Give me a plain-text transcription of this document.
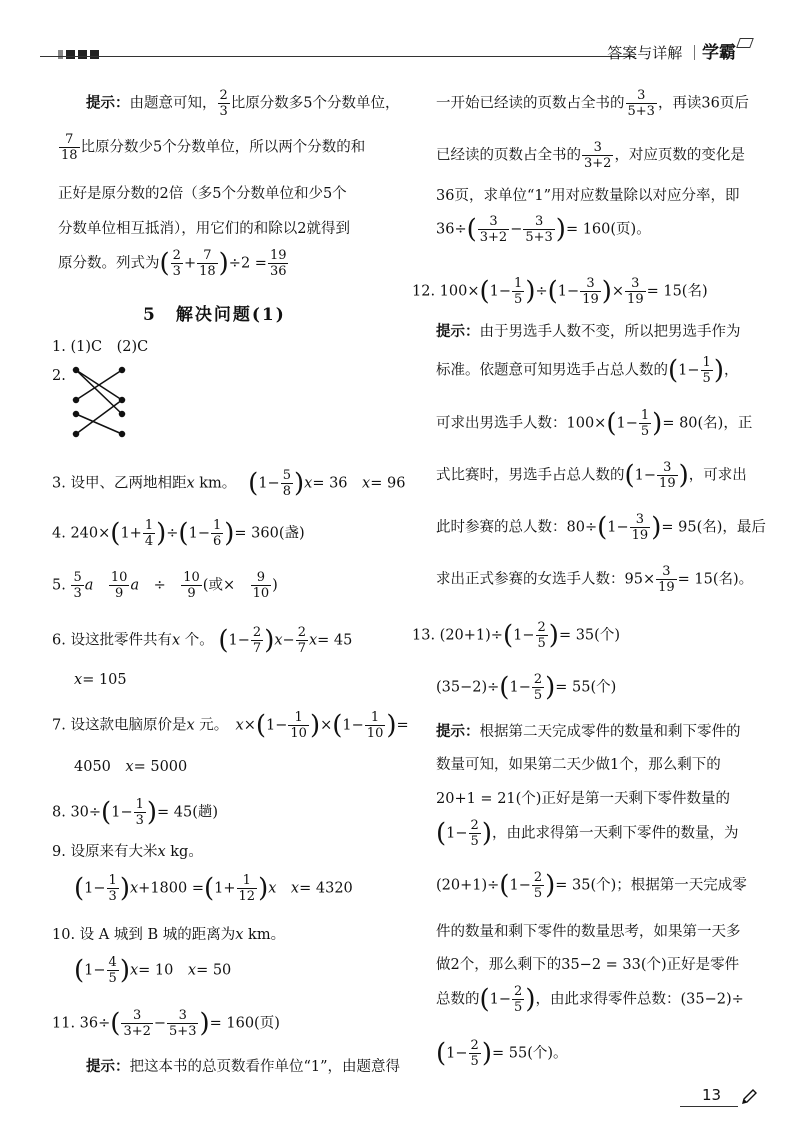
答案与详解 ｜学霸
提示：由题意可知， $\frac{2}{3}$ 比原分数多5个分数单位，
$\frac{7}{18}$ 比原分数少5个分数单位，所以两个分数的和
正好是原分数的2倍（多5个分数单位和少5个
分数单位相互抵消），用它们的和除以2就得到
原分数。列式为( $\frac{2}{3} + \frac{7}{18} )\div 2 = \frac{19}{36}$
5　解决问题(1)
1. (1)C　(2)C
2.
3. 设甲、乙两地相距x km。　 $(1- \frac{5}{8} )x= 36$　 x= 96
4. $240\times(1+ \frac{1}{4} )\div(1- \frac{1}{6}$ )= 360(盏)
5. $\frac{5}{3}$ a　 $\frac{10}{9}$ a　÷　 $\frac{10}{9}$ (或×　 $\frac{9}{10}$ )
6. 设这批零件共有x 个。 $(1- \frac{2}{7} )x- \frac{2}{7} x= 45$
x= 105
7. 设这款电脑原价是x 元。　 $x\times(1- \frac{1}{10} )\times(1- \frac{1}{10}$ )=
4050　 x= 5000
8. $30\div(1- \frac{1}{3}$ )= 45(趟)
9. 设原来有大米x kg。
$(1- \frac{1}{3} )x+1800 =(1+ \frac{1}{12} )x$　 x= 4320
10. 设 A 城到 B 城的距离为x km。
$(1- \frac{4}{5} )x= 10$　 x= 50
11. $36\div( \frac{3}{3+2} - \frac{3}{5+3}$ )= 160(页)
提示：把这本书的总页数看作单位“1”，由题意得
一开始已经读的页数占全书的 $\frac{3}{5+3}$ ，再读36页后
已经读的页数占全书的 $\frac{3}{3+2}$ ，对应页数的变化是
36页，求单位“1”用对应数量除以对应分率，即
$36\div( \frac{3}{3+2} - \frac{3}{5+3}$ )= 160(页)。
12. $100\times(1- \frac{1}{5} )\div(1- \frac{3}{19}$ )× $\frac{3}{19} = 15$(名)
提示：由于男选手人数不变，所以把男选手作为
标准。依题意可知男选手占总人数的($1- \frac{1}{5}$ )，
可求出男选手人数：$100\times(1- \frac{1}{5}$ )= 80(名)，正
式比赛时，男选手占总人数的($1- \frac{3}{19}$ )，可求出
此时参赛的总人数：$80\div(1- \frac{3}{19}$ )= 95(名)，最后
求出正式参赛的女选手人数：$95\times \frac{3}{19} = 15$(名)。
13. $(20+1)\div(1- \frac{2}{5}$ )= 35(个)
$(35-2)\div(1- \frac{2}{5}$ )= 55(个)
提示：根据第二天完成零件的数量和剩下零件的
数量可知，如果第二天少做1个，那么剩下的
20+1 = 21(个)正好是第一天剩下零件数量的
($1- \frac{2}{5}$ )，由此求得第一天剩下零件的数量，为
$(20+1)\div(1- \frac{2}{5}$ )= 35(个)；根据第一天完成零
件的数量和剩下零件的数量思考，如果第一天多
做2个，那么剩下的35−2 = 33(个)正好是零件
总数的($1- \frac{2}{5}$ )，由此求得零件总数：(35−2)÷
($1- \frac{2}{5}$ )= 55(个)。
13
